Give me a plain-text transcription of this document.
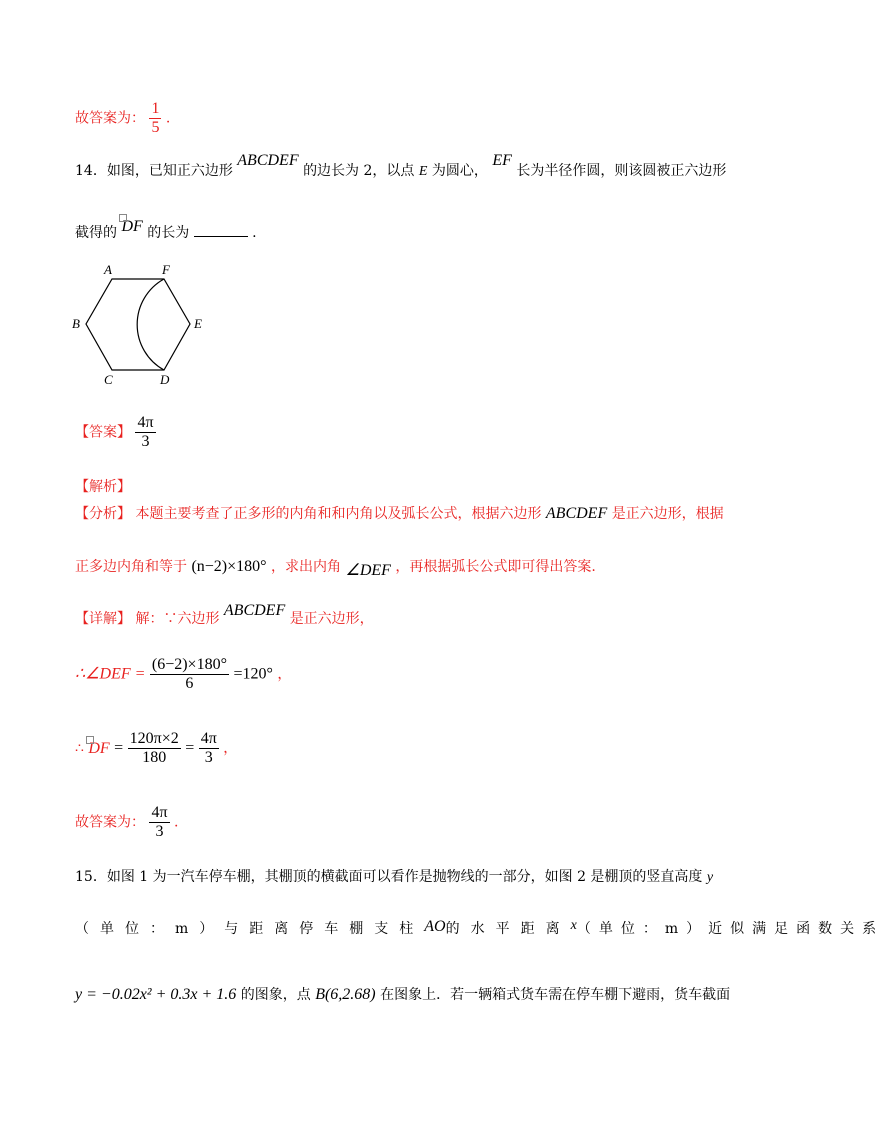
故答案为： $\frac{1}{5}$ .
14．如图，已知正六边形 ABCDEF 的边长为 2，以点 E 为圆心， EF 长为半径作圆，则该圆被正六边形
截得的 DF 的长为	.
A	F
B	E
C	D
【答案】 $\frac{4\pi}{3}$
【解析】
【分析】 本题主要考查了正多形的内角和和内角以及弧长公式，根据六边形 ABCDEF 是正六边形，根据
正多边内角和等于 (n−2)×180° ，求出内角 ∠DEF ，再根据弧长公式即可得出答案.
【详解】 解：∵六边形 ABCDEF 是正六边形，
∴∠DEF = $\frac{(6-2)\times 180^\circ}{6} =120^\circ$ ，
∴ DF = $\frac{120\pi\times 2}{180} = \frac{4\pi}{3}$ ，
故答案为： $\frac{4\pi}{3}$ .
15．如图 1 为一汽车停车棚，其棚顶的横截面可以看作是抛物线的一部分，如图 2 是棚顶的竖直高度 y
（单位：m）与距离停车棚支柱 AO 的水平距离 x （单位：m）近似满足函数关系
y = −0.02x² + 0.3x + 1.6 的图象，点 B(6,2.68) 在图象上．若一辆箱式货车需在停车棚下避雨，货车截面
